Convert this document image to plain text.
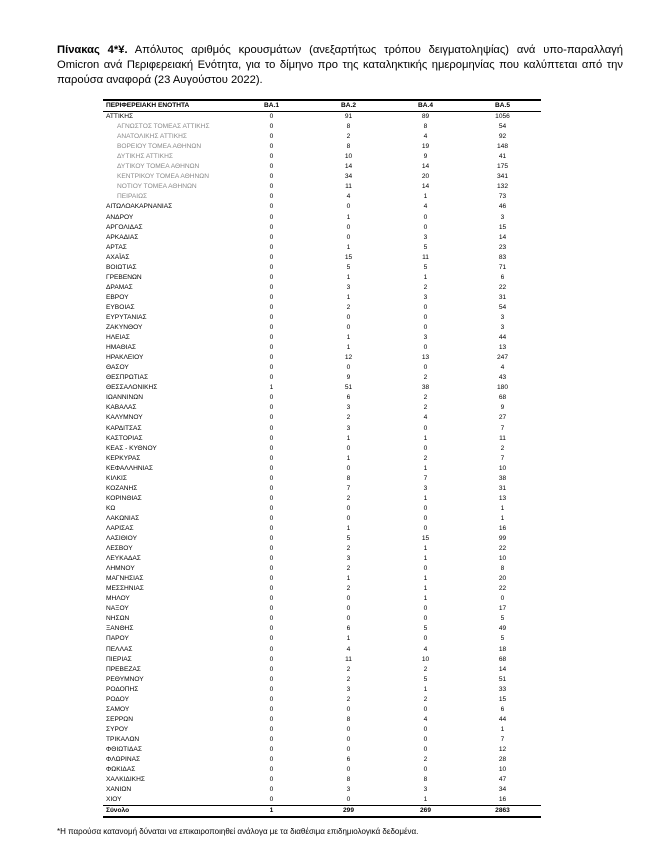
Πίνακας 4*¥. Απόλυτος αριθμός κρουσμάτων (ανεξαρτήτως τρόπου δειγματοληψίας) ανά υπο-παραλλαγή Omicron ανά Περιφερειακή Ενότητα, για το δίμηνο προ της καταληκτικής ημερομηνίας που καλύπτεται από την παρούσα αναφορά (23 Αυγούστου 2022).
ΠΕΡΙΦΕΡΕΙΑΚΗ ΕΝΟΤΗΤΑ	ΒΑ.1	ΒΑ.2	ΒΑ.4	ΒΑ.5
ΑΤΤΙΚΗΣ	0	91	89	1056
ΑΓΝΩΣΤΟΣ ΤΟΜΕΑΣ ΑΤΤΙΚΗΣ	0	8	8	54
ΑΝΑΤΟΛΙΚΗΣ ΑΤΤΙΚΗΣ	0	2	4	92
ΒΟΡΕΙΟΥ ΤΟΜΕΑ ΑΘΗΝΩΝ	0	8	19	148
ΔΥΤΙΚΗΣ ΑΤΤΙΚΗΣ	0	10	9	41
ΔΥΤΙΚΟΥ ΤΟΜΕΑ ΑΘΗΝΩΝ	0	14	14	175
ΚΕΝΤΡΙΚΟΥ ΤΟΜΕΑ ΑΘΗΝΩΝ	0	34	20	341
ΝΟΤΙΟΥ ΤΟΜΕΑ ΑΘΗΝΩΝ	0	11	14	132
ΠΕΙΡΑΙΩΣ	0	4	1	73
ΑΙΤΩΛΟΑΚΑΡΝΑΝΙΑΣ	0	0	4	46
ΑΝΔΡΟΥ	0	1	0	3
ΑΡΓΟΛΙΔΑΣ	0	0	0	15
ΑΡΚΑΔΙΑΣ	0	0	3	14
ΑΡΤΑΣ	0	1	5	23
ΑΧΑΪΑΣ	0	15	11	83
ΒΟΙΩΤΙΑΣ	0	5	5	71
ΓΡΕΒΕΝΩΝ	0	1	1	6
ΔΡΑΜΑΣ	0	3	2	22
ΕΒΡΟΥ	0	1	3	31
ΕΥΒΟΙΑΣ	0	2	0	54
ΕΥΡΥΤΑΝΙΑΣ	0	0	0	3
ΖΑΚΥΝΘΟΥ	0	0	0	3
ΗΛΕΙΑΣ	0	1	3	44
ΗΜΑΘΙΑΣ	0	1	0	13
ΗΡΑΚΛΕΙΟΥ	0	12	13	247
ΘΑΣΟΥ	0	0	0	4
ΘΕΣΠΡΩΤΙΑΣ	0	9	2	43
ΘΕΣΣΑΛΟΝΙΚΗΣ	1	51	38	180
ΙΩΑΝΝΙΝΩΝ	0	6	2	68
ΚΑΒΑΛΑΣ	0	3	2	9
ΚΑΛΥΜΝΟΥ	0	2	4	27
ΚΑΡΔΙΤΣΑΣ	0	3	0	7
ΚΑΣΤΟΡΙΑΣ	0	1	1	11
ΚΕΑΣ - ΚΥΘΝΟΥ	0	0	0	2
ΚΕΡΚΥΡΑΣ	0	1	2	7
ΚΕΦΑΛΛΗΝΙΑΣ	0	0	1	10
ΚΙΛΚΙΣ	0	8	7	38
ΚΟΖΑΝΗΣ	0	7	3	31
ΚΟΡΙΝΘΙΑΣ	0	2	1	13
ΚΩ	0	0	0	1
ΛΑΚΩΝΙΑΣ	0	0	0	1
ΛΑΡΙΣΑΣ	0	1	0	16
ΛΑΣΙΘΙΟΥ	0	5	15	99
ΛΕΣΒΟΥ	0	2	1	22
ΛΕΥΚΑΔΑΣ	0	3	1	10
ΛΗΜΝΟΥ	0	2	0	8
ΜΑΓΝΗΣΙΑΣ	0	1	1	20
ΜΕΣΣΗΝΙΑΣ	0	2	1	22
ΜΗΛΟΥ	0	0	1	0
ΝΑΞΟΥ	0	0	0	17
ΝΗΣΩΝ	0	0	0	5
ΞΑΝΘΗΣ	0	6	5	49
ΠΑΡΟΥ	0	1	0	5
ΠΕΛΛΑΣ	0	4	4	18
ΠΙΕΡΙΑΣ	0	11	10	68
ΠΡΕΒΕΖΑΣ	0	2	2	14
ΡΕΘΥΜΝΟΥ	0	2	5	51
ΡΟΔΟΠΗΣ	0	3	1	33
ΡΟΔΟΥ	0	2	2	15
ΣΑΜΟΥ	0	0	0	6
ΣΕΡΡΩΝ	0	8	4	44
ΣΥΡΟΥ	0	0	0	1
ΤΡΙΚΑΛΩΝ	0	0	0	7
ΦΘΙΩΤΙΔΑΣ	0	0	0	12
ΦΛΩΡΙΝΑΣ	0	6	2	28
ΦΩΚΙΔΑΣ	0	0	0	10
ΧΑΛΚΙΔΙΚΗΣ	0	8	8	47
ΧΑΝΙΩΝ	0	3	3	34
ΧΙΟΥ	0	0	1	16
Σύνολο	1	299	269	2863
*Η παρούσα κατανομή δύναται να επικαιροποιηθεί ανάλογα με τα διαθέσιμα επιδημιολογικά δεδομένα.
